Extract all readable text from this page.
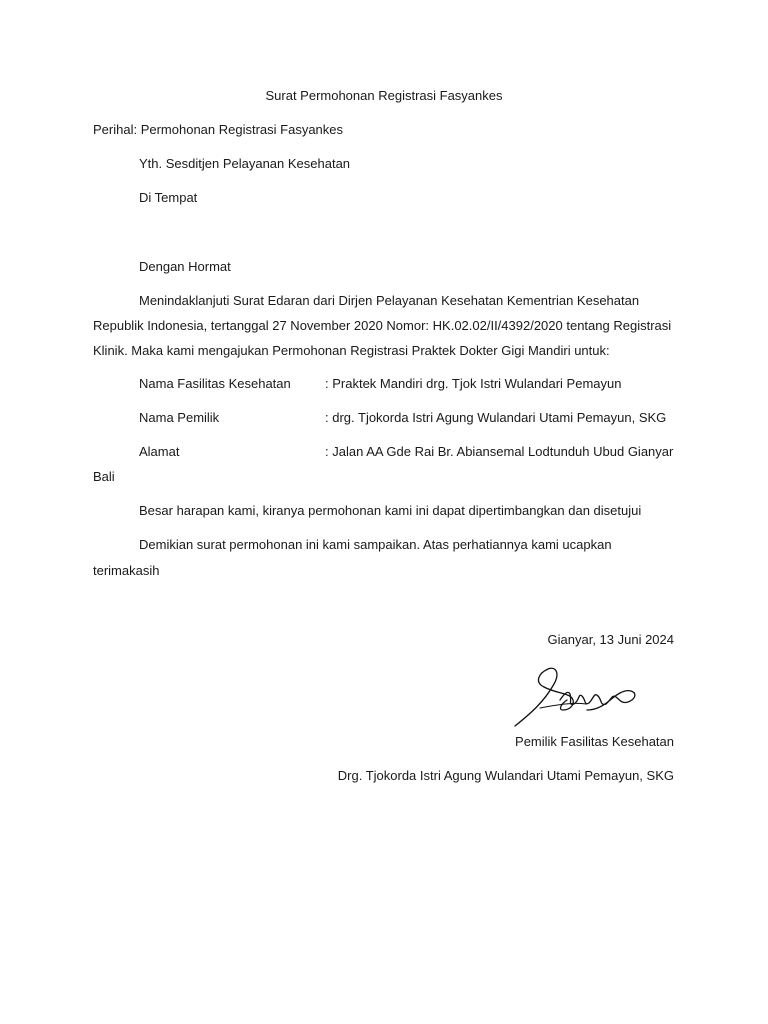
Surat Permohonan Registrasi Fasyankes
Perihal: Permohonan Registrasi Fasyankes
Yth. Sesditjen Pelayanan Kesehatan
Di Tempat
Dengan Hormat
Menindaklanjuti Surat Edaran dari Dirjen Pelayanan Kesehatan Kementrian Kesehatan
Republik Indonesia, tertanggal 27 November 2020 Nomor: HK.02.02/II/4392/2020 tentang Registrasi
Klinik. Maka kami mengajukan Permohonan Registrasi Praktek Dokter Gigi Mandiri untuk:
Nama Fasilitas Kesehatan	: Praktek Mandiri drg. Tjok Istri Wulandari Pemayun
Nama Pemilik	: drg. Tjokorda Istri Agung Wulandari Utami Pemayun, SKG
Alamat	: Jalan AA Gde Rai Br. Abiansemal Lodtunduh Ubud Gianyar
Bali
Besar harapan kami, kiranya permohonan kami ini dapat dipertimbangkan dan disetujui
Demikian surat permohonan ini kami sampaikan. Atas perhatiannya kami ucapkan
terimakasih
Gianyar, 13 Juni 2024
Pemilik Fasilitas Kesehatan
Drg. Tjokorda Istri Agung Wulandari Utami Pemayun, SKG
